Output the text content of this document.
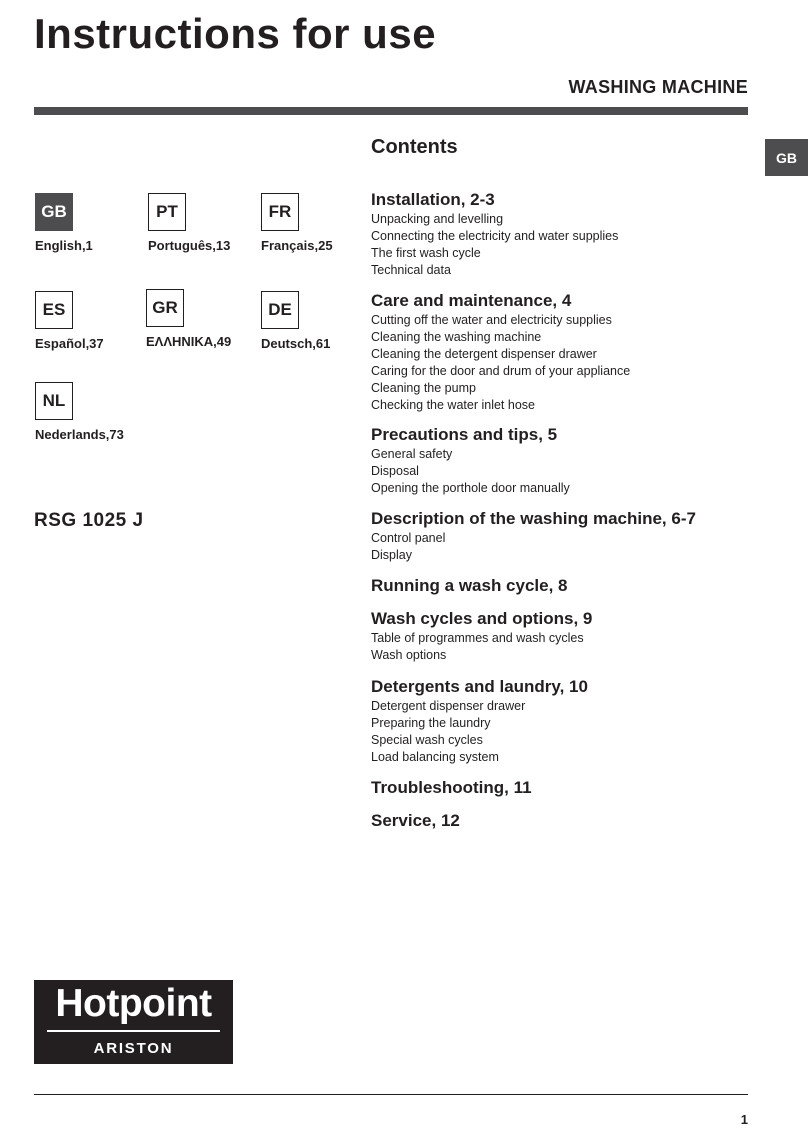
Instructions for use
WASHING MACHINE
GB
GB
English,1
PT
Português,13
FR
Français,25
ES
Español,37
GR
ΕΛΛΗΝΙΚΑ,49
DE
Deutsch,61
NL
Nederlands,73
RSG 1025 J
Contents
Installation, 2-3
Unpacking and levelling
Connecting the electricity and water supplies
The first wash cycle
Technical data
Care and maintenance, 4
Cutting off the water and electricity supplies
Cleaning the washing machine
Cleaning the detergent dispenser drawer
Caring for the door and drum of your appliance
Cleaning the pump
Checking the water inlet hose
Precautions and tips, 5
General safety
Disposal
Opening the porthole door manually
Description of the washing machine, 6-7
Control panel
Display
Running a wash cycle, 8
Wash cycles and options, 9
Table of programmes and wash cycles
Wash options
Detergents and laundry, 10
Detergent dispenser drawer
Preparing the laundry
Special wash cycles
Load balancing system
Troubleshooting, 11
Service, 12
Hotpoint
ARISTON
1
